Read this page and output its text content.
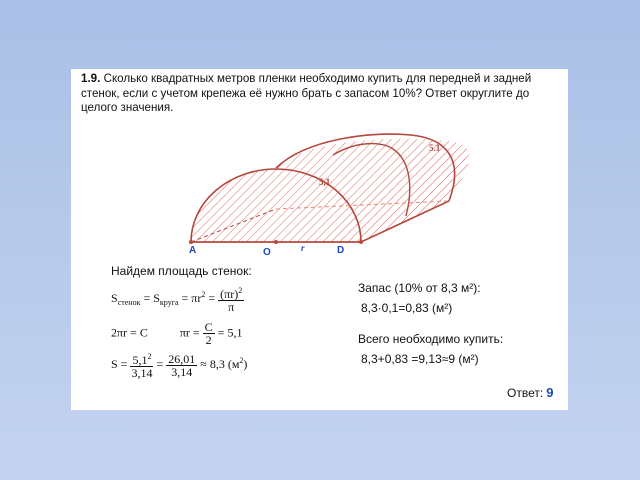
1.9. Сколько квадратных метров пленки необходимо купить для передней и задней стенок, если с учетом крепежа её нужно брать с запасом 10%? Ответ округлите до целого значения.
A	O	D
r
5,1
5.1
Найдем площадь стенок:
$S_{стенок} = S_{круга} = \pi r^2 = \frac{(\pi r)^2}{\pi}$
2πr = C	$\pi r = \frac{C}{2} = 5,1$
$S = \frac{5,1^2}{3,14} = \frac{26,01}{3,14} \approx 8,3$ $(м^2)$
Запас (10% от 8,3 м²):
8,3·0,1=0,83 (м²)
Всего необходимо купить:
8,3+0,83 =9,13≈9 (м²)
Ответ: 9
